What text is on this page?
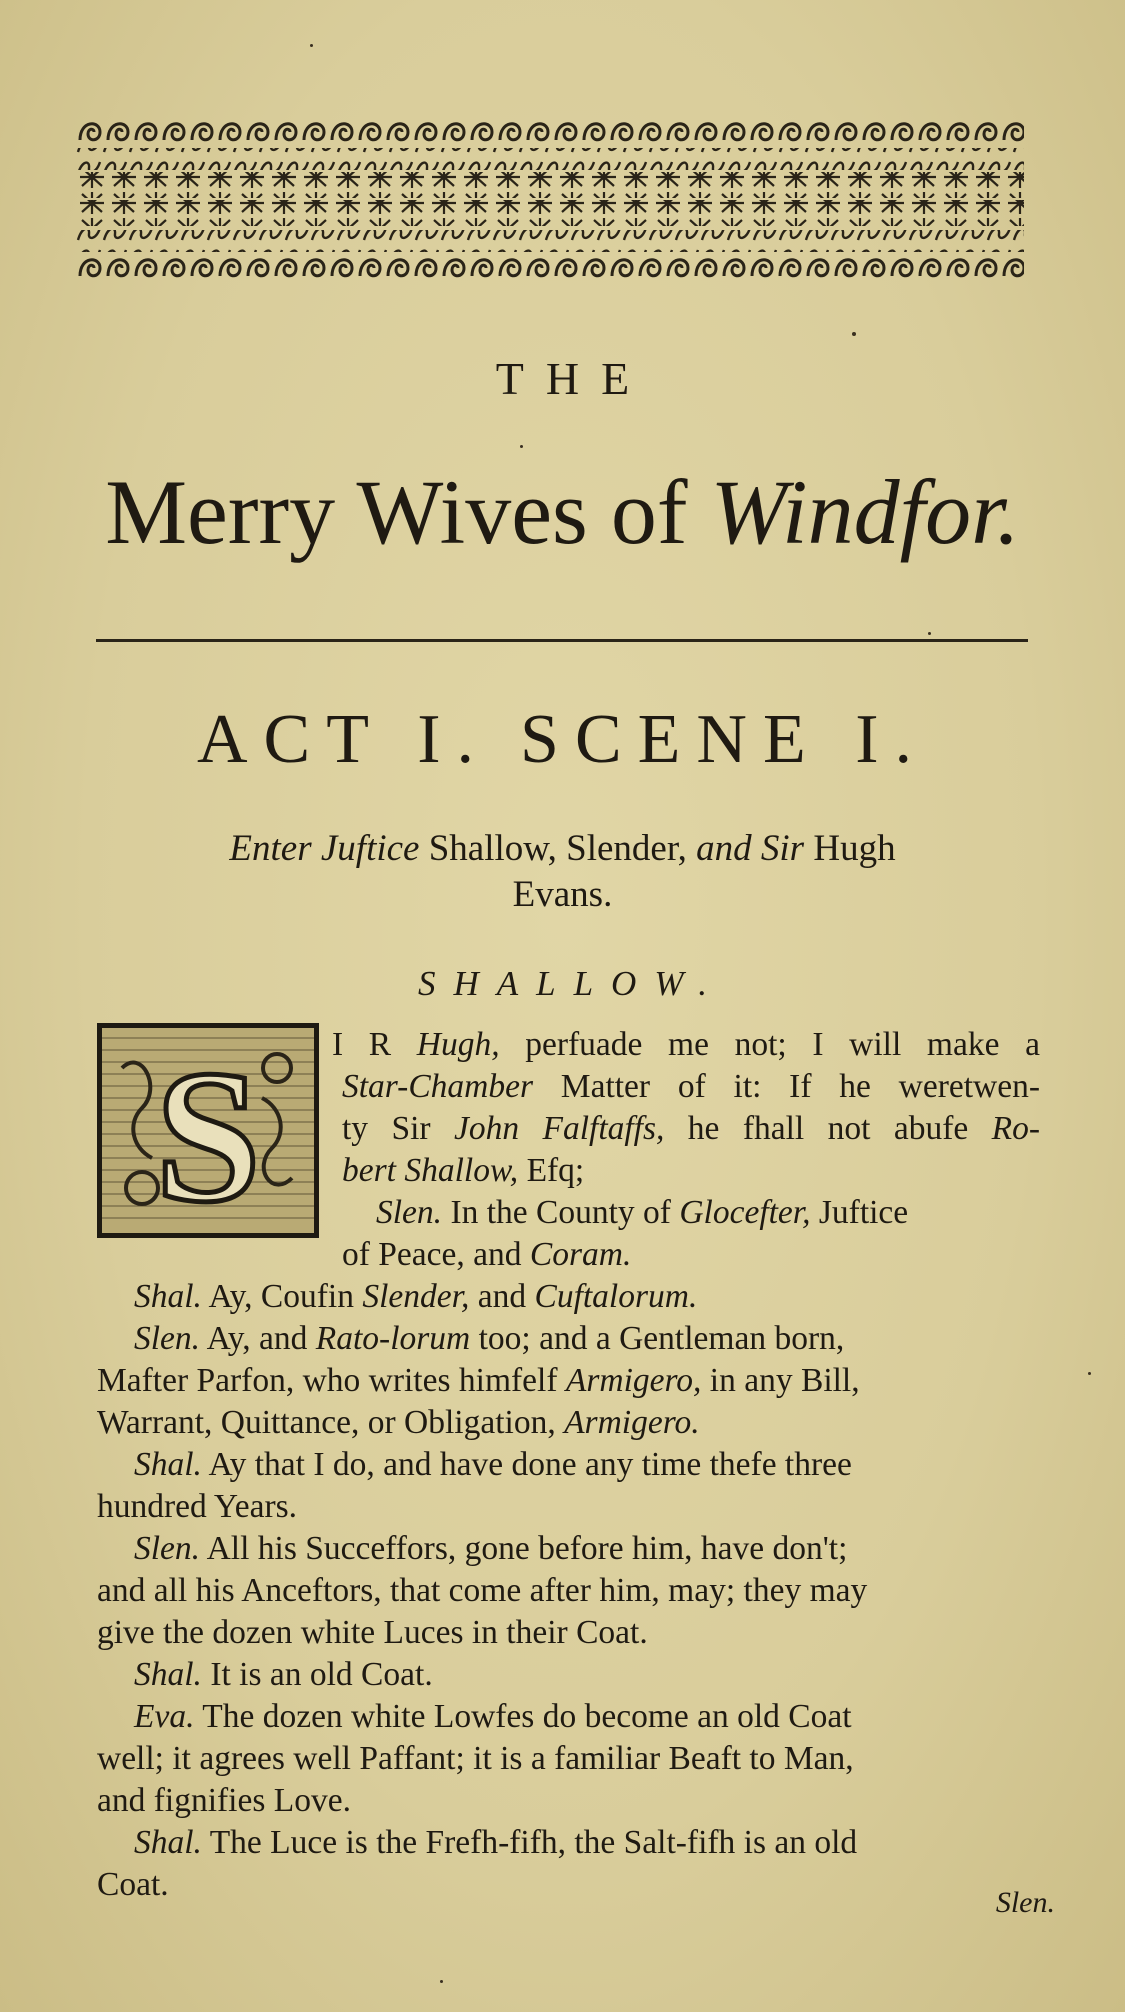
THE
Merry Wives of Windfor.
ACT I. SCENE I.
Enter Juftice Shallow, Slender, and Sir Hugh
Evans.
SHALLOW.
S I R Hugh, perfuade me not; I will make a
Star-Chamber Matter of it: If he weretwen-
ty Sir John Falftaffs, he fhall not abufe Ro-
bert Shallow, Efq;
Slen. In the County of Glocefter, Juftice
of Peace, and Coram.
Shal. Ay, Coufin Slender, and Cuftalorum.
Slen. Ay, and Rato-lorum too; and a Gentleman born,
Mafter Parfon, who writes himfelf Armigero, in any Bill,
Warrant, Quittance, or Obligation, Armigero.
Shal. Ay that I do, and have done any time thefe three
hundred Years.
Slen. All his Succeffors, gone before him, have don't;
and all his Anceftors, that come after him, may; they may
give the dozen white Luces in their Coat.
Shal. It is an old Coat.
Eva. The dozen white Lowfes do become an old Coat
well; it agrees well Paffant; it is a familiar Beaft to Man,
and fignifies Love.
Shal. The Luce is the Frefh-fifh, the Salt-fifh is an old
Coat.	Slen.
